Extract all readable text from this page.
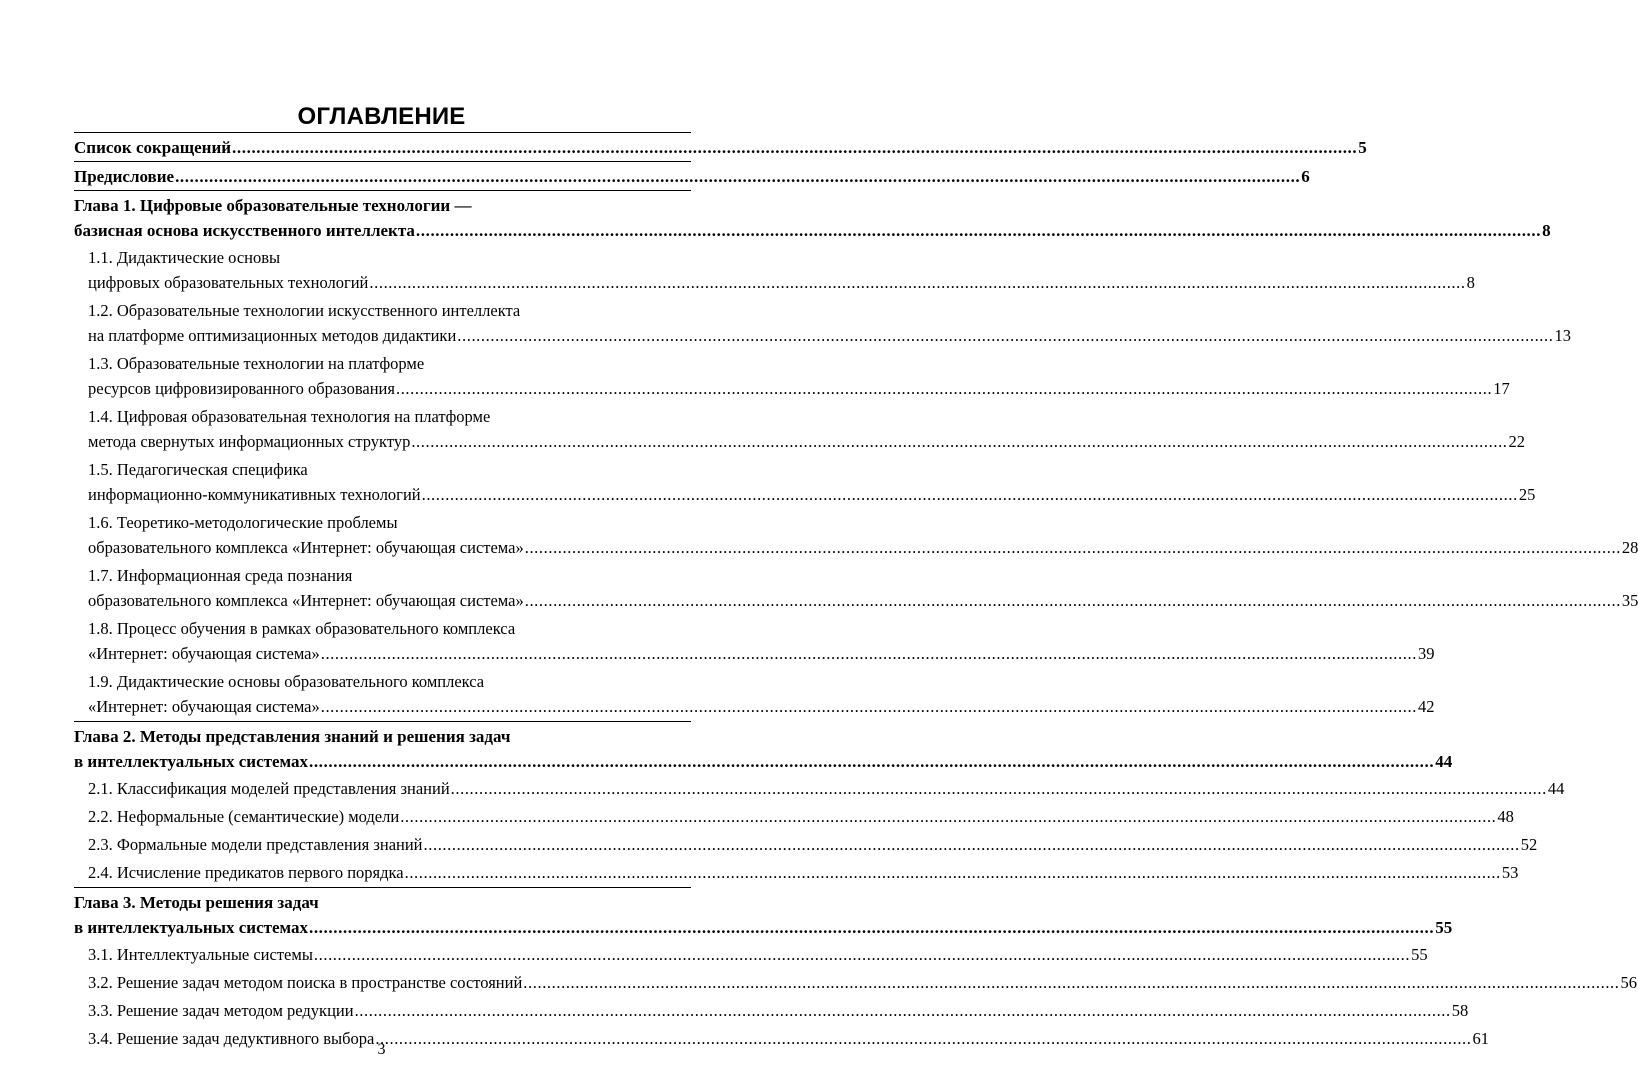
ОГЛАВЛЕНИЕ
Список сокращений .....	5
Предисловие .....	6
Глава 1. Цифровые образовательные технологии —
базисная основа искусственного интеллекта .....	8
1.1. Дидактические основы
цифровых образовательных технологий .....	8
1.2. Образовательные технологии искусственного интеллекта
на платформе оптимизационных методов дидактики .....	13
1.3. Образовательные технологии на платформе
ресурсов цифровизированного образования .....	17
1.4. Цифровая образовательная технология на платформе
метода свернутых информационных структур .....	22
1.5. Педагогическая специфика
информационно-коммуникативных технологий .....	25
1.6. Теоретико-методологические проблемы
образовательного комплекса «Интернет: обучающая система» .....	28
1.7. Информационная среда познания
образовательного комплекса «Интернет: обучающая система» .....	35
1.8. Процесс обучения в рамках образовательного комплекса
«Интернет: обучающая система» .....	39
1.9. Дидактические основы образовательного комплекса
«Интернет: обучающая система» .....	42
Глава 2. Методы представления знаний и решения задач
в интеллектуальных системах .....	44
2.1. Классификация моделей представления знаний .....	44
2.2. Неформальные (семантические) модели .....	48
2.3. Формальные модели представления знаний .....	52
2.4. Исчисление предикатов первого порядка .....	53
Глава 3. Методы решения задач
в интеллектуальных системах .....	55
3.1. Интеллектуальные системы .....	55
3.2. Решение задач методом поиска в пространстве состояний .....	56
3.3. Решение задач методом редукции .....	58
3.4. Решение задач дедуктивного выбора .....	61
3
